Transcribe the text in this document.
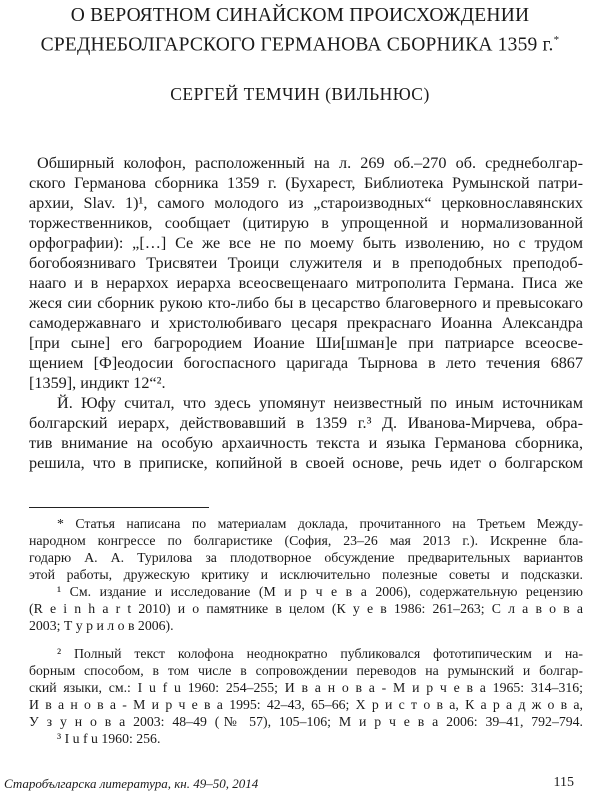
О ВЕРОЯТНОМ СИНАЙСКОМ ПРОИСХОЖДЕНИИ
СРЕДНЕБОЛГАРСКОГО ГЕРМАНОВА СБОРНИКА 1359 г.*
СЕРГЕЙ ТЕМЧИН (ВИЛЬНЮС)
Обширный колофон, расположенный на л. 269 об.–270 об. среднеболгар-
ского Германова сборника 1359 г. (Бухарест, Библиотека Румынской патри-
архии, Slav. 1)¹, самого молодого из „староизводных“ церковнославянских
торжественников, сообщает (цитирую в упрощенной и нормализованной
орфографии): „[…] Се же все не по моему быть изволению, но с трудом
богобоязниваго Трисвятеи Троици служителя и в преподобных преподоб-
нааго и в нерархох иерарха всеосвещенааго митрополита Германа. Писа же
жеся сии сборник рукою кто-либо бы в цесарство благоверного и превысокаго
самодержавнаго и христолюбиваго цесаря прекраснаго Иоанна Александра
[при сыне] его багрородием Иоание Ши[шман]е при патриарсе всеосве-
щением [Ф]еодосии богоспасного царигада Тырнова в лето течения 6867
[1359], индикт 12“².
Й. Юфу считал, что здесь упомянут неизвестный по иным источникам
болгарский иерарх, действовавший в 1359 г.³ Д. Иванова-Мирчева, обра-
тив внимание на особую архаичность текста и языка Германова сборника,
решила, что в приписке, копийной в своей основе, речь идет о болгарском
* Статья написана по материалам доклада, прочитанного на Третьем Между-
народном конгрессе по болгаристике (София, 23–26 мая 2013 г.). Искренне бла-
годарю А. А. Турилова за плодотворное обсуждение предварительных вариантов
этой работы, дружескую критику и исключительно полезные советы и подсказки.
¹ См. издание и исследование (М и р ч е в а 2006), содержательную рецензию
(R e i n h a r t 2010) и о памятнике в целом (К у е в 1986: 261–263; С л а в о в а
2003; Т у р и л о в 2006).
² Полный текст колофона неоднократно публиковался фототипическим и на-
борным способом, в том числе в сопровождении переводов на румынский и болгар-
ский языки, см.: I u f u 1960: 254–255; И в а н о в а - М и р ч е в а 1965: 314–316;
И в а н о в а - М и р ч е в а 1995: 42–43, 65–66; Х р и с т о в а, К а р а д ж о в а,
У з у н о в а 2003: 48–49 (№ 57), 105–106; М и р ч е в а 2006: 39–41, 792–794.
³ I u f u 1960: 256.
Старобългарска литература, кн. 49–50, 2014	115
